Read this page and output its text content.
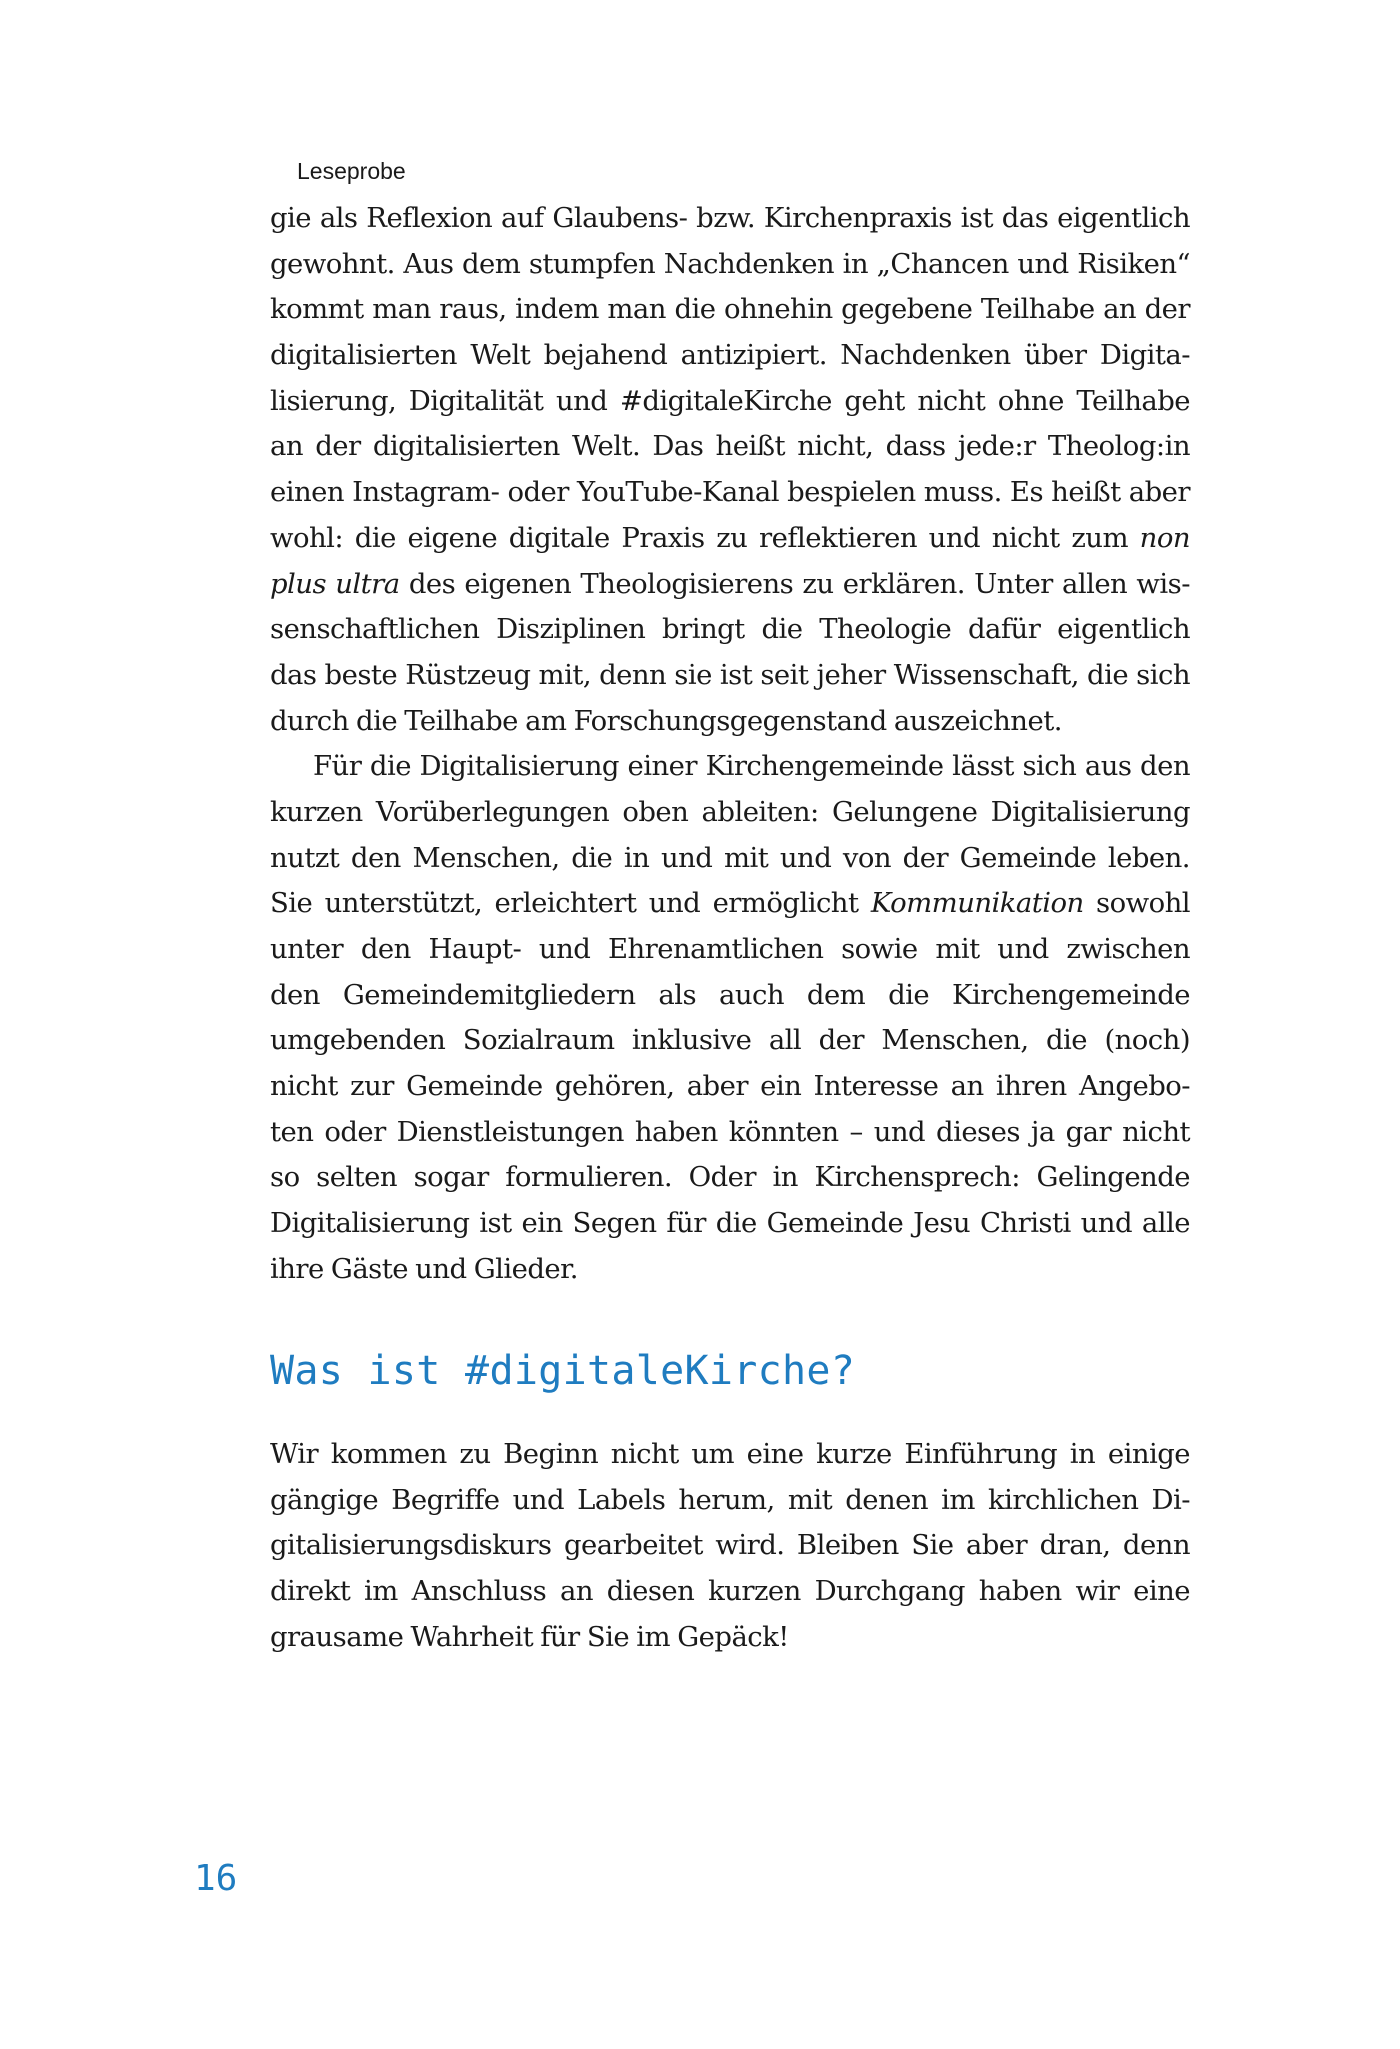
Leseprobe

gie als Reflexion auf Glaubens- bzw. Kirchenpraxis ist das eigentlich

gewohnt. Aus dem stumpfen Nachdenken in „Chancen und Risiken“

kommt man raus, indem man die ohnehin gegebene Teilhabe an der

digitalisierten Welt bejahend antizipiert. Nachdenken über Digita-

lisierung, Digitalität und #digitaleKirche geht nicht ohne Teilhabe

an der digitalisierten Welt. Das heißt nicht, dass jede:r Theolog:in

einen Instagram- oder YouTube-Kanal bespielen muss. Es heißt aber

wohl: die eigene digitale Praxis zu reflektieren und nicht zum non

plus ultra des eigenen Theologisierens zu erklären. Unter allen wis-

senschaftlichen Disziplinen bringt die Theologie dafür eigentlich

das beste Rüstzeug mit, denn sie ist seit jeher Wissenschaft, die sich

durch die Teilhabe am Forschungsgegenstand auszeichnet.

Für die Digitalisierung einer Kirchengemeinde lässt sich aus den

kurzen Vorüberlegungen oben ableiten: Gelungene Digitalisierung

nutzt den Menschen, die in und mit und von der Gemeinde leben.

Sie unterstützt, erleichtert und ermöglicht Kommunikation sowohl

unter den Haupt- und Ehrenamtlichen sowie mit und zwischen

den Gemeindemitgliedern als auch dem die Kirchengemeinde

umgebenden Sozialraum inklusive all der Menschen, die (noch)

nicht zur Gemeinde gehören, aber ein Interesse an ihren Angebo-

ten oder Dienstleistungen haben könnten – und dieses ja gar nicht

so selten sogar formulieren. Oder in Kirchensprech: Gelingende

Digitalisierung ist ein Segen für die Gemeinde Jesu Christi und alle

ihre Gäste und Glieder.

Was ist #digitaleKirche?

Wir kommen zu Beginn nicht um eine kurze Einführung in einige

gängige Begriffe und Labels herum, mit denen im kirchlichen Di-

gitalisierungsdiskurs gearbeitet wird. Bleiben Sie aber dran, denn

direkt im Anschluss an diesen kurzen Durchgang haben wir eine

grausame Wahrheit für Sie im Gepäck!

16
